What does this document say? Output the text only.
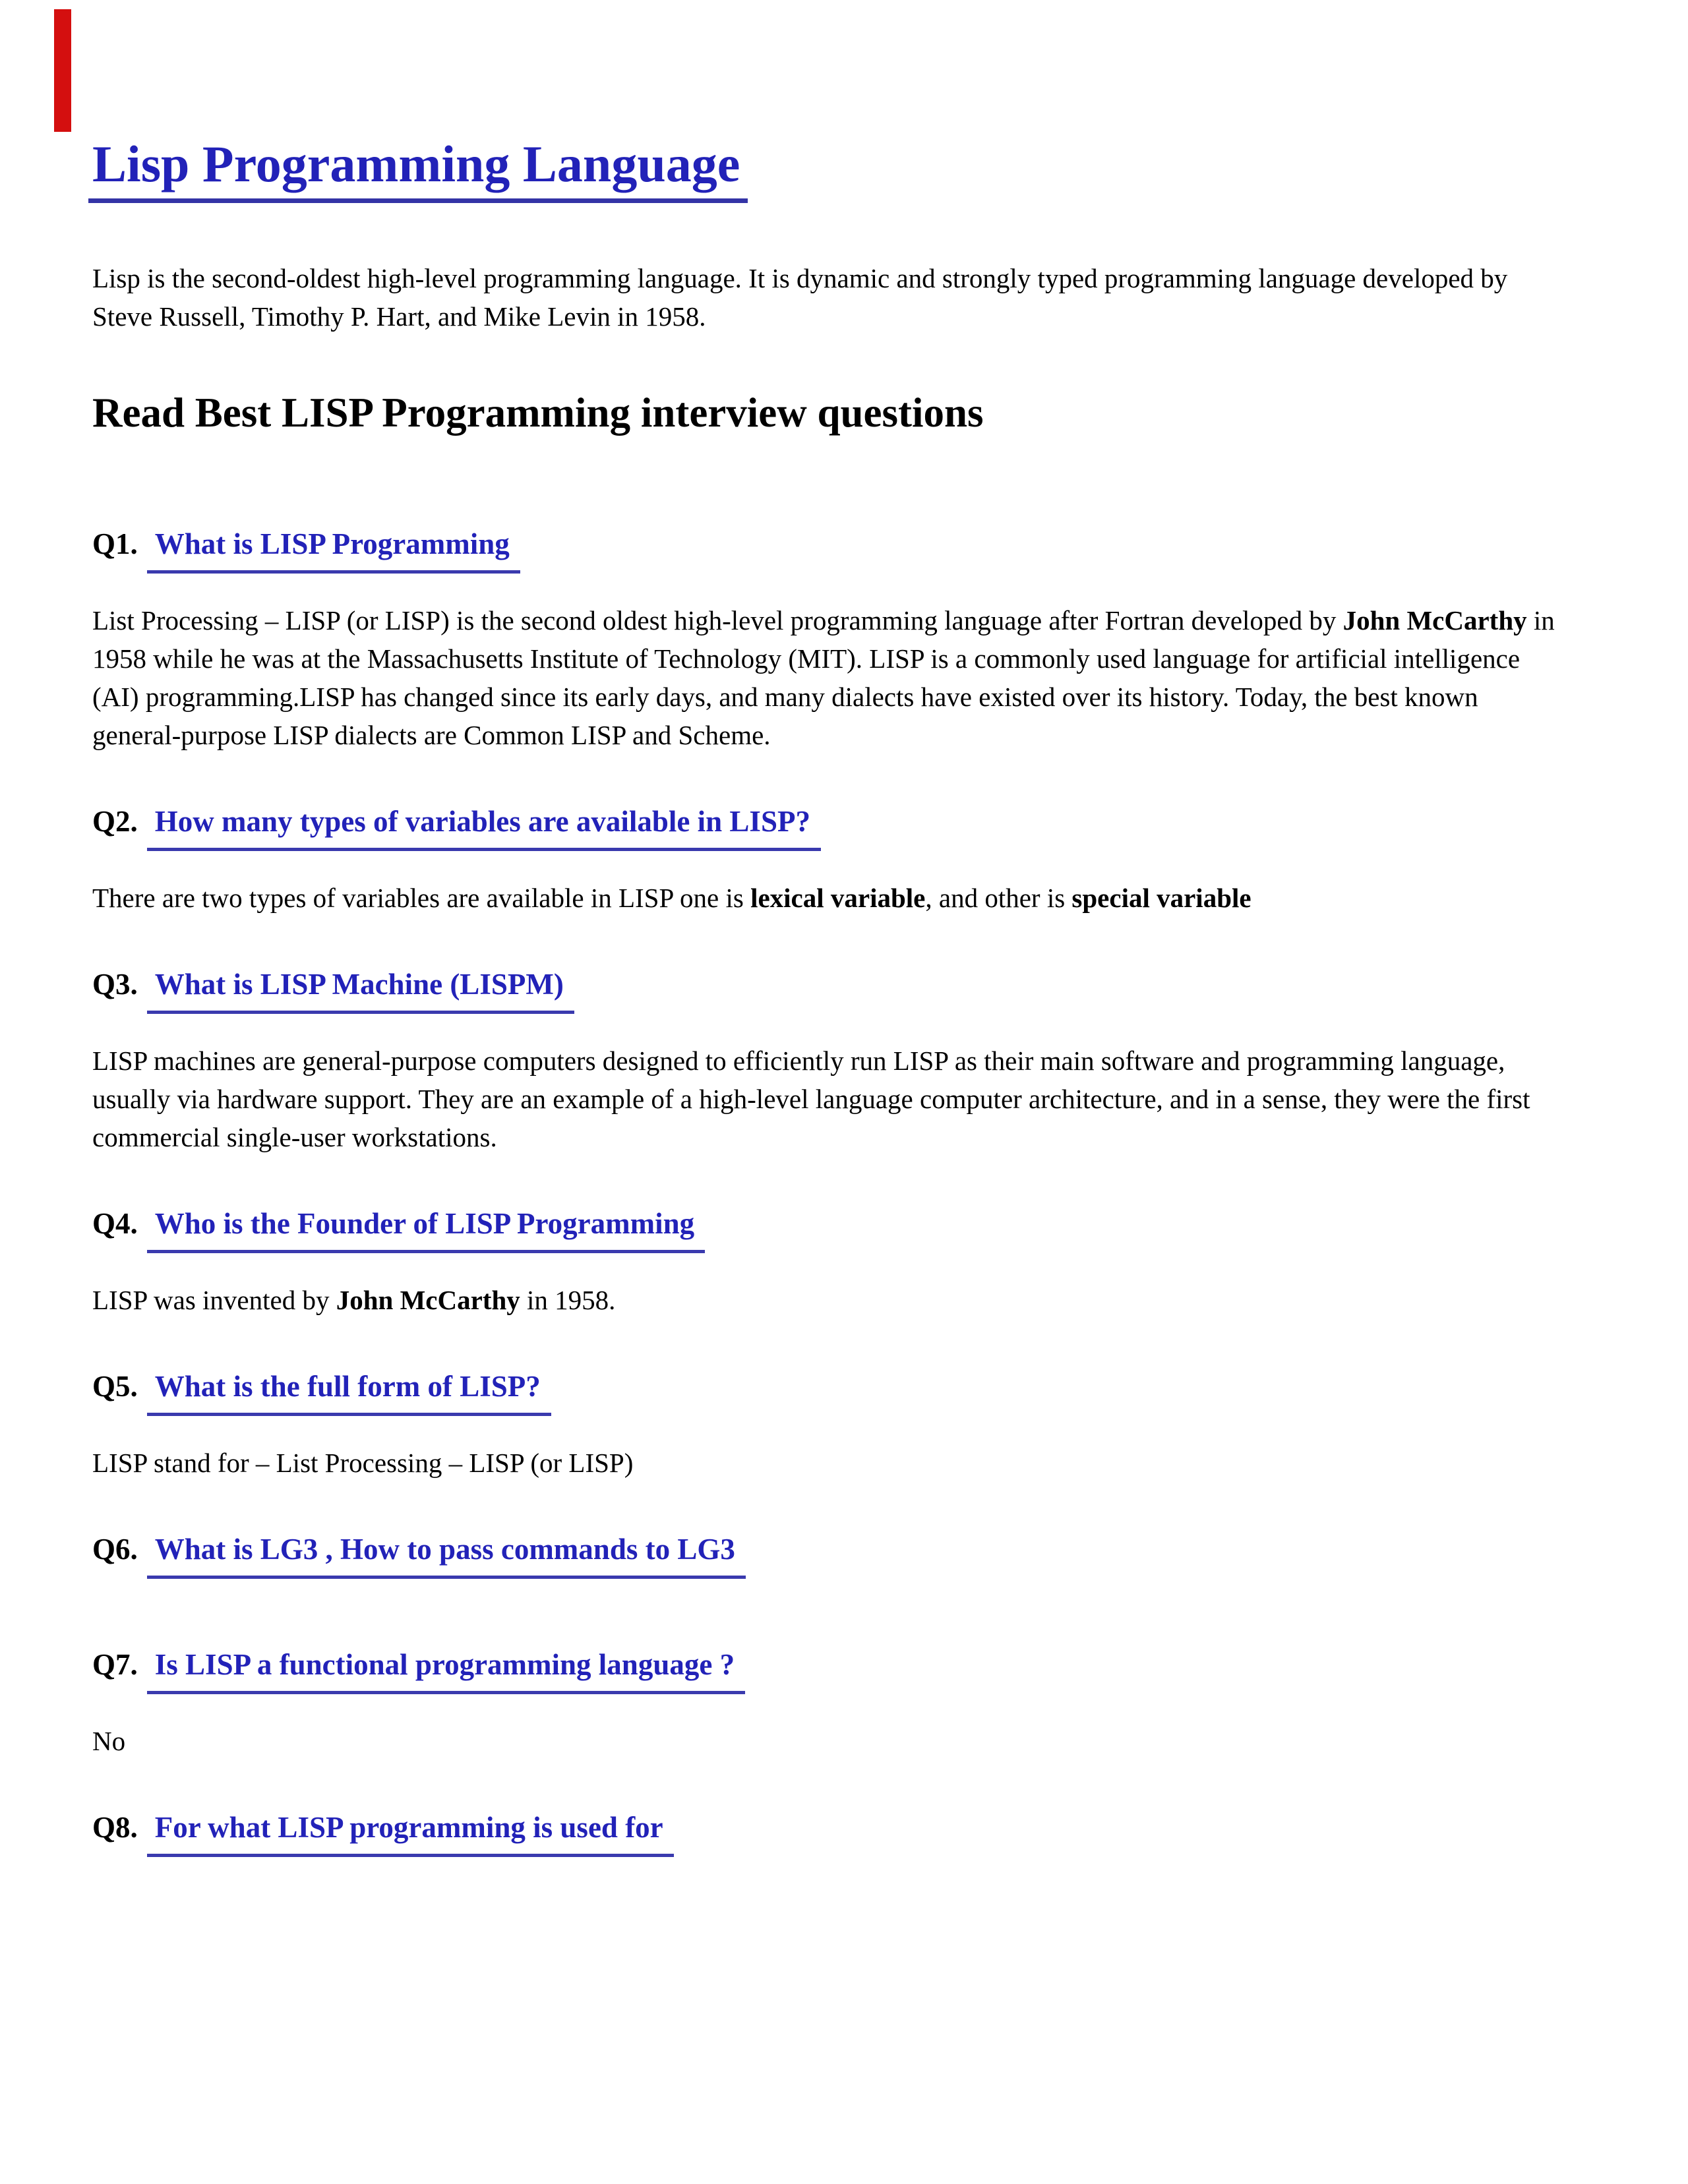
Lisp Programming Language

Lisp is the second-oldest high-level programming language. It is dynamic and strongly typed programming language developed by Steve Russell, Timothy P. Hart, and Mike Levin in 1958.

Read Best LISP Programming interview questions
Q1. What is LISP Programming

List Processing – LISP (or LISP) is the second oldest high-level programming language after Fortran developed by John McCarthy in 1958 while he was at the Massachusetts Institute of Technology (MIT). LISP is a commonly used language for artificial intelligence (AI) programming.LISP has changed since its early days, and many dialects have existed over its history. Today, the best known general-purpose LISP dialects are Common LISP and Scheme.

Q2. How many types of variables are available in LISP?

There are two types of variables are available in LISP one is lexical variable, and other is special variable

Q3. What is LISP Machine (LISPM)

LISP machines are general-purpose computers designed to efficiently run LISP as their main software and programming language, usually via hardware support. They are an example of a high-level language computer architecture, and in a sense, they were the first commercial single-user workstations.

Q4. Who is the Founder of LISP Programming

LISP was invented by John McCarthy in 1958.

Q5. What is the full form of LISP?

LISP stand for – List Processing – LISP (or LISP)

Q6. What is LG3 , How to pass commands to LG3
Q7. Is LISP a functional programming language ?

No

Q8. For what LISP programming is used for
